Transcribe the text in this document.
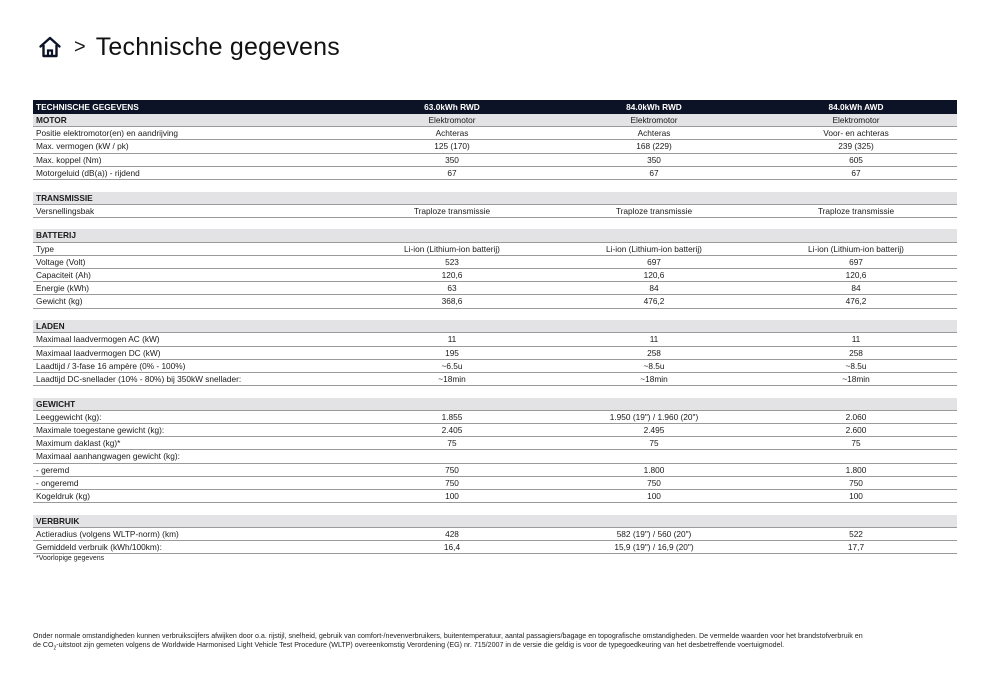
> Technische gegevens
TECHNISCHE GEGEVENS	63.0kWh RWD	84.0kWh RWD	84.0kWh AWD
MOTOR	Elektromotor	Elektromotor	Elektromotor
Positie elektromotor(en) en aandrijving	Achteras	Achteras	Voor- en achteras
Max. vermogen (kW / pk)	125 (170)	168 (229)	239 (325)
Max. koppel (Nm)	350	350	605
Motorgeluid (dB(a)) - rijdend	67	67	67

TRANSMISSIE			
Versnellingsbak	Traploze transmissie	Traploze transmissie	Traploze transmissie

BATTERIJ			
Type	Li-ion (Lithium-ion batterij)	Li-ion (Lithium-ion batterij)	Li-ion (Lithium-ion batterij)
Voltage (Volt)	523	697	697
Capaciteit (Ah)	120,6	120,6	120,6
Energie (kWh)	63	84	84
Gewicht (kg)	368,6	476,2	476,2

LADEN			
Maximaal laadvermogen AC (kW)	11	11	11
Maximaal laadvermogen DC (kW)	195	258	258
Laadtijd / 3-fase 16 ampère (0% - 100%)	~6.5u	~8.5u	~8.5u
Laadtijd DC-snellader (10% - 80%) bij 350kW snellader:	~18min	~18min	~18min

GEWICHT			
Leeggewicht (kg):	1.855	1.950 (19") / 1.960 (20")	2.060
Maximale toegestane gewicht (kg):	2.405	2.495	2.600
Maximum daklast (kg)*	75	75	75
Maximaal aanhangwagen gewicht (kg):			
- geremd	750	1.800	1.800
- ongeremd	750	750	750
Kogeldruk (kg)	100	100	100

VERBRUIK			
Actieradius (volgens WLTP-norm) (km)	428	582 (19") / 560 (20")	522
Gemiddeld verbruik (kWh/100km):	16,4	15,9 (19") / 16,9 (20")	17,7
*Voorlopige gegevens
Onder normale omstandigheden kunnen verbruikscijfers afwijken door o.a. rijstijl, snelheid, gebruik van comfort-/nevenverbruikers, buitentemperatuur, aantal passagiers/bagage en topografische omstandigheden. De vermelde waarden voor het brandstofverbruik en
de $CO_2$-uitstoot zijn gemeten volgens de Worldwide Harmonised Light Vehicle Test Procedure (WLTP) overeenkomstig Verordening (EG) nr. 715/2007 in de versie die geldig is voor de typegoedkeuring van het desbetreffende voertuigmodel.
